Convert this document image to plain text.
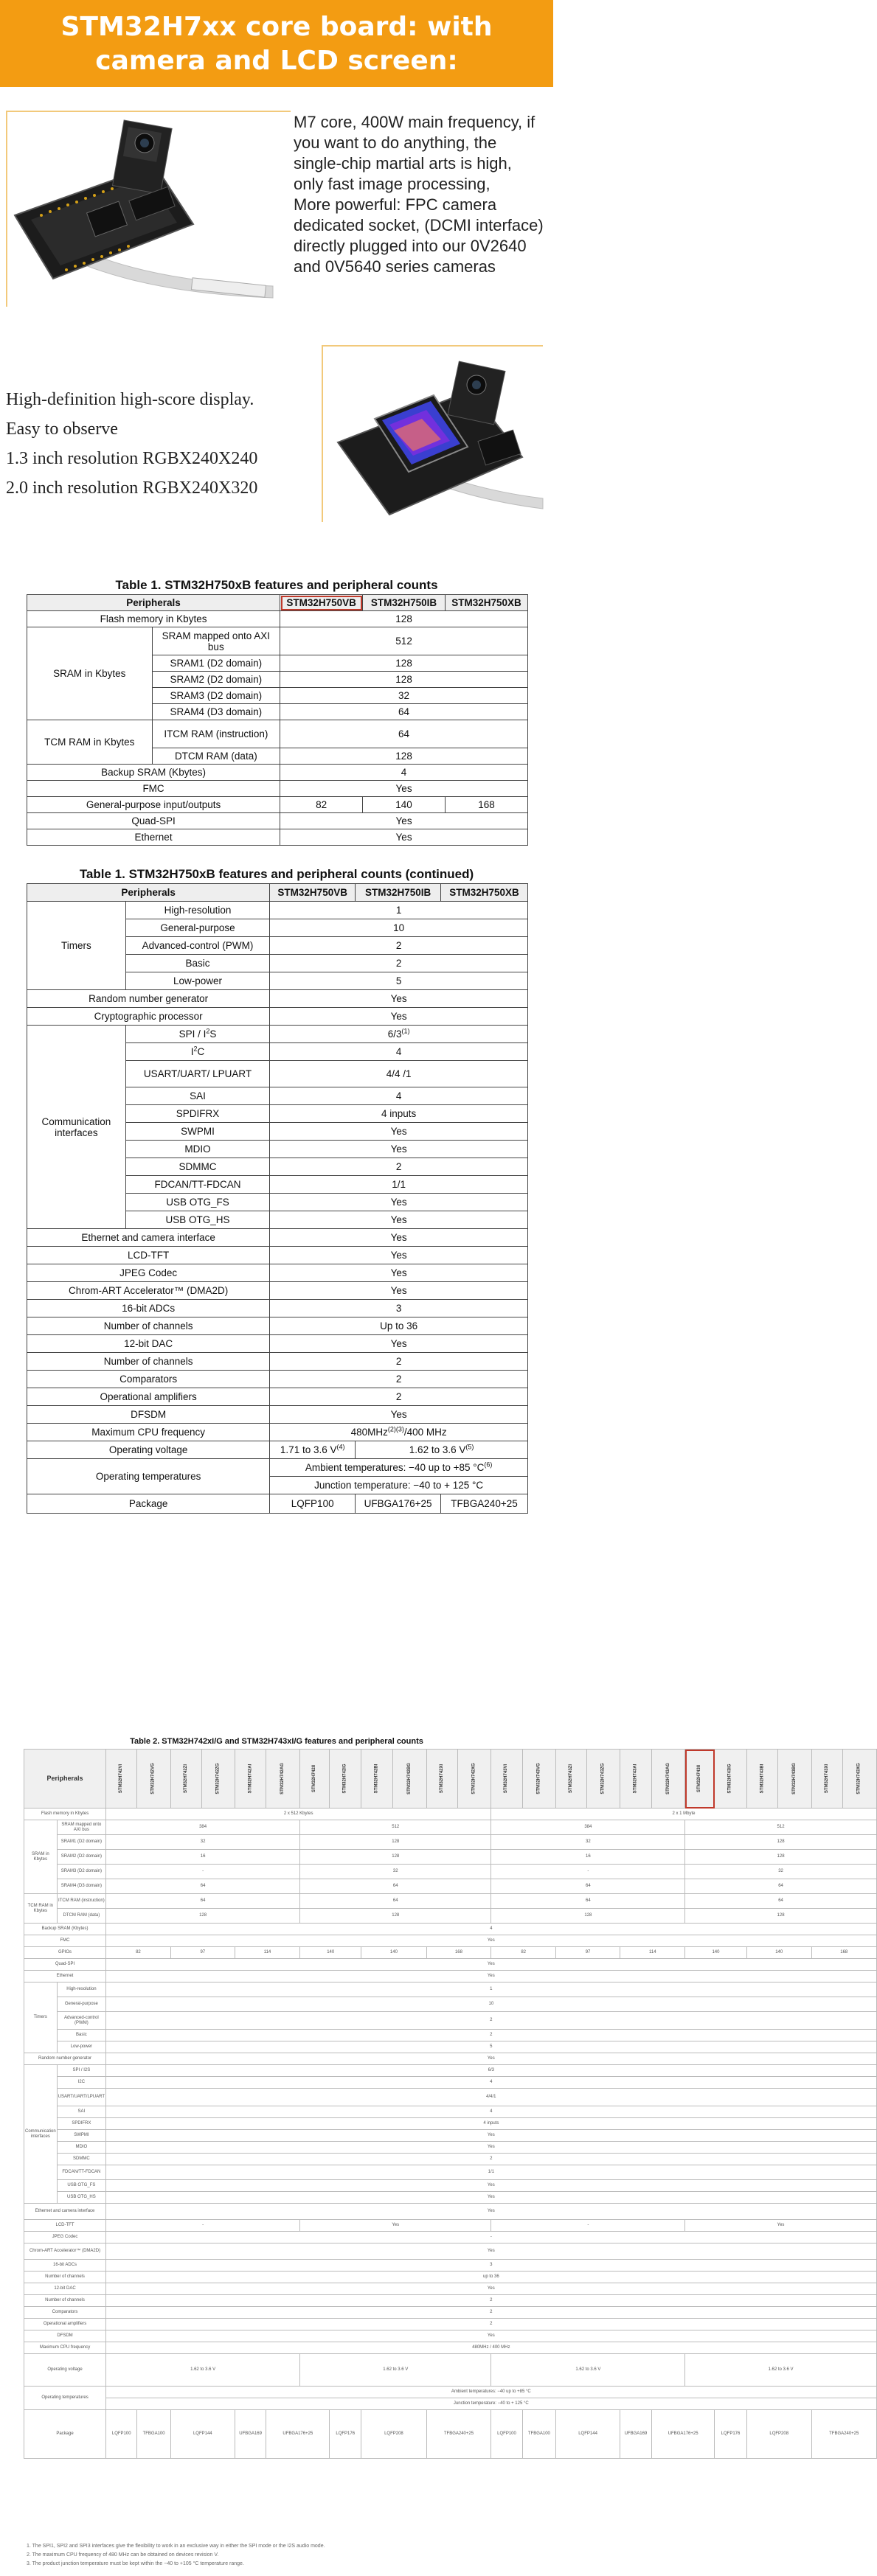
STM32H7xx core board: with
camera and LCD screen:
M7 core, 400W main frequency, if
you want to do anything, the
single-chip martial arts is high,
only fast image processing,
More powerful: FPC camera
dedicated socket, (DCMI interface)
directly plugged into our 0V2640
and 0V5640 series cameras
High-definition high-score display.
Easy to observe
1.3 inch resolution RGBX240X240
2.0 inch resolution RGBX240X320
Table 1. STM32H750xB features and peripheral counts
Peripherals		STM32H750VB	STM32H750IB	STM32H750XB
Flash memory in Kbytes		128		
SRAM in Kbytes	SRAM mapped onto AXI bus	512		
	SRAM1 (D2 domain)	128		
	SRAM2 (D2 domain)	128		
	SRAM3 (D2 domain)	32		
	SRAM4 (D3 domain)	64		
TCM RAM in Kbytes	ITCM RAM (instruction)	64		
	DTCM RAM (data)	128		
Backup SRAM (Kbytes)		4		
FMC		Yes		
General-purpose input/outputs		82	140	168
Quad-SPI		Yes		
Ethernet		Yes		
Table 1. STM32H750xB features and peripheral counts (continued)
Peripherals		STM32H750VB	STM32H750IB	STM32H750XB
Timers	High-resolution	1		
	General-purpose	10		
	Advanced-control (PWM)	2		
	Basic	2		
	Low-power	5		
Random number generator		Yes		
Cryptographic processor		Yes		
Communication interfaces	SPI / $I^2S$	6/3$^{(1)}$
	$I^2C$	4		
	USART/UART/ LPUART	4/4 /1		
	SAI	4		
	SPDIFRX	4 inputs		
	SWPMI	Yes		
	MDIO	Yes		
	SDMMC	2		
	FDCAN/TT-FDCAN	1/1		
	USB OTG_FS	Yes		
	USB OTG_HS	Yes		
Ethernet and camera interface		Yes		
LCD-TFT		Yes		
JPEG Codec		Yes		
Chrom-ART Accelerator™ (DMA2D)		Yes		
16-bit ADCs		3		
Number of channels		Up to 36		
12-bit DAC		Yes		
Number of channels		2		
Comparators		2		
Operational amplifiers		2		
DFSDM		Yes		
Maximum CPU frequency		480MHz$^{(2)(3)}$/400 MHz		
Operating voltage		1.71 to 3.6 $V^{(4)}$	1.62 to 3.6 $V^{(5)}$
Operating temperatures		Ambient temperatures: −40 up to +85 $^\circ C^{(6)}$
		Junction temperature: −40 to + 125 °C		
Package		LQFP100	UFBGA176+25	TFBGA240+25
Table 2. STM32H742xI/G and STM32H743xI/G features and peripheral counts
Peripherals		STM32H742VI	STM32H742VG	STM32H742ZI	STM32H742ZG	STM32H742AI	STM32H742AG	STM32H742II	STM32H742IG	STM32H742BI	STM32H742BG	STM32H742XI	STM32H742XG	STM32H743VI	STM32H743VG	STM32H743ZI	STM32H743ZG	STM32H743AI	STM32H743AG	STM32H743II	STM32H743IG	STM32H743BI	STM32H743BG	STM32H743XI	STM32H743XG
Flash memory in Kbytes		2 x 512 Kbytes												2 x 1 Mbyte											
SRAM in Kbytes	SRAM mapped onto AXI bus	384						512						384						512					
	SRAM1 (D2 domain)	32						128						32						128					
	SRAM2 (D2 domain)	16						128						16						128					
	SRAM3 (D2 domain)	-						32						-						32					
	SRAM4 (D3 domain)	64						64						64						64					
TCM RAM in Kbytes	ITCM RAM (instruction)	64						64						64						64					
	DTCM RAM (data)	128						128						128						128					
Backup SRAM (Kbytes)		4																							
FMC		Yes																							
GPIOs		82		97		114		140		140		168		82		97		114		140		140		168	
Quad-SPI		Yes																							
Ethernet		Yes																							
Timers	High-resolution	1																							
	General-purpose	10																							
	Advanced-control (PWM)	2																							
	Basic	2																							
	Low-power	5																							
Random number generator		Yes																							
Communication interfaces	SPI / I2S	6/3																							
	I2C	4																							
	USART/UART/LPUART	4/4/1																							
	SAI	4																							
	SPDIFRX	4 inputs																							
	SWPMI	Yes																							
	MDIO	Yes																							
	SDMMC	2																							
	FDCAN/TT-FDCAN	1/1																							
	USB OTG_FS	Yes																							
	USB OTG_HS	Yes																							
Ethernet and camera interface		Yes																							
LCD-TFT		-						Yes						-						Yes					
JPEG Codec		-																							
Chrom-ART Accelerator™ (DMA2D)		Yes																							
16-bit ADCs		3																							
Number of channels		up to 36																							
12-bit DAC		Yes																							
Number of channels		2																							
Comparators		2																							
Operational amplifiers		2																							
DFSDM		Yes																							
Maximum CPU frequency		480MHz / 400 MHz																							
Operating voltage		1.62 to 3.6 V						1.62 to 3.6 V						1.62 to 3.6 V						1.62 to 3.6 V					
Operating temperatures		Ambient temperatures: −40 up to +85 °C																							
		Junction temperature: −40 to + 125 °C																							
Package		LQFP100	TFBGA100	LQFP144		UFBGA169	UFBGA176+25		LQFP176	LQFP208		TFBGA240+25		LQFP100	TFBGA100	LQFP144		UFBGA169	UFBGA176+25		LQFP176	LQFP208		TFBGA240+25	
1. The SPI1, SPI2 and SPI3 interfaces give the flexibility to work in an exclusive way in either the SPI mode or the I2S audio mode.
2. The maximum CPU frequency of 480 MHz can be obtained on devices revision V.
3. The product junction temperature must be kept within the −40 to +105 °C temperature range.
